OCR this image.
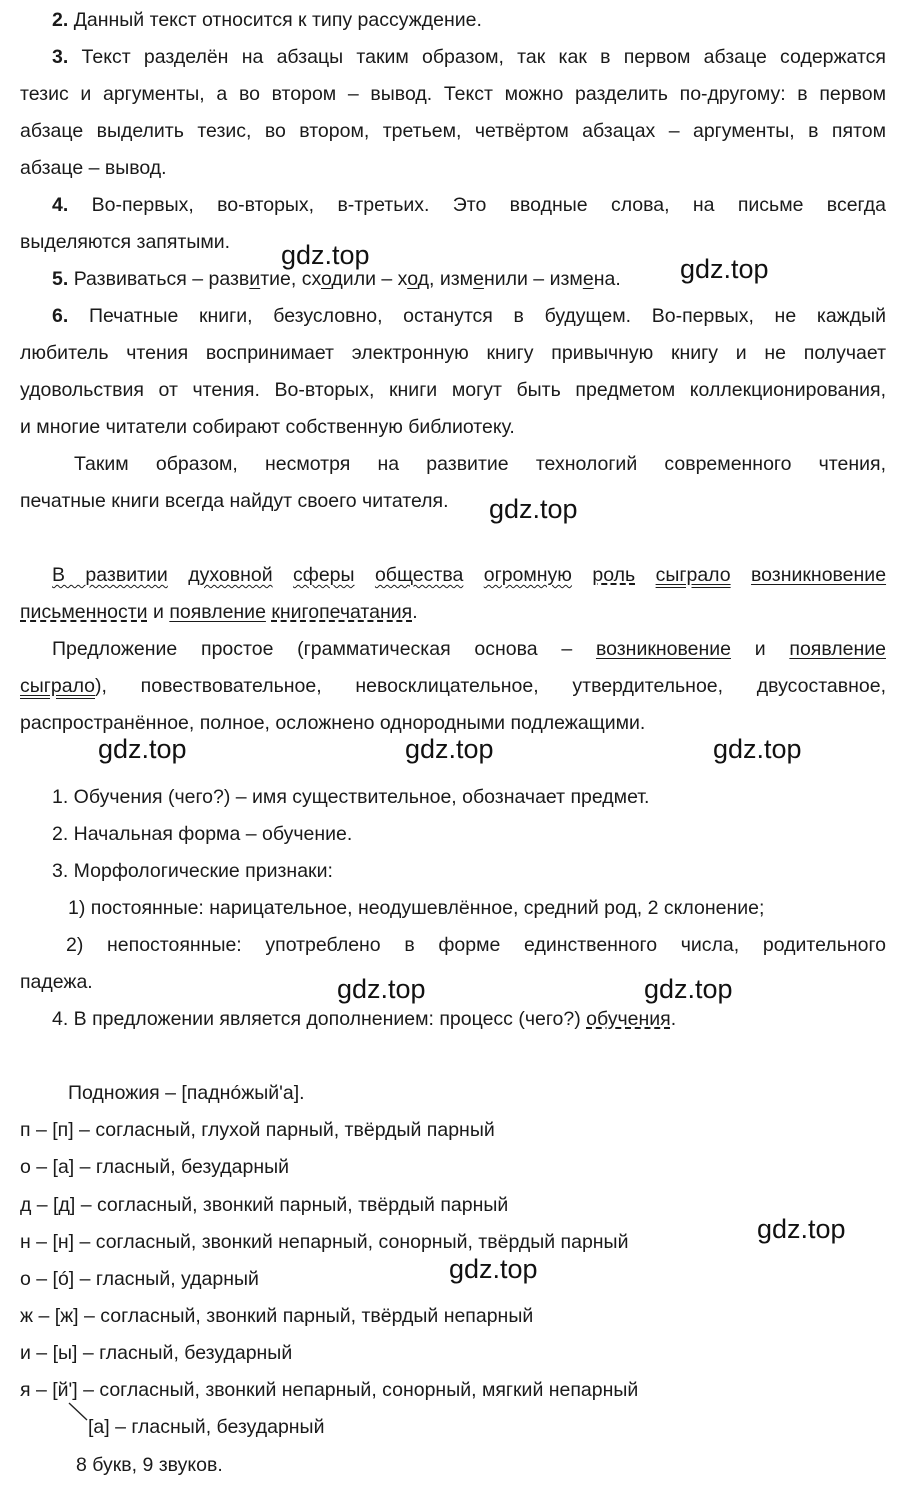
2. Данный текст относится к типу рассуждение.
3. Текст разделён на абзацы таким образом, так как в первом абзаце содержатся
тезис и аргументы, а во втором – вывод. Текст можно разделить по-другому: в первом
абзаце выделить тезис, во втором, третьем, четвёртом абзацах – аргументы, в пятом
абзаце – вывод.
4. Во-первых, во-вторых, в-третьих. Это вводные слова, на письме всегда
выделяются запятыми.
5. Развиваться – развитие, сходили – ход, изменили – измена.
6. Печатные книги, безусловно, останутся в будущем. Во-первых, не каждый
любитель чтения воспринимает электронную книгу привычную книгу и не получает
удовольствия от чтения. Во-вторых, книги могут быть предметом коллекционирования,
и многие читатели собирают собственную библиотеку.
Таким образом, несмотря на развитие технологий современного чтения,
печатные книги всегда найдут своего читателя.
В развитии духовной сферы общества огромную роль сыграло возникновение
письменности и появление книгопечатания.
Предложение простое (грамматическая основа – возникновение и появление
сыграло), повествовательное, невосклицательное, утвердительное, двусоставное,
распространённое, полное, осложнено однородными подлежащими.
1. Обучения (чего?) – имя существительное, обозначает предмет.
2. Начальная форма – обучение.
3. Морфологические признаки:
1) постоянные: нарицательное, неодушевлённое, средний род, 2 склонение;
2) непостоянные: употреблено в форме единственного числа, родительного
падежа.
4. В предложении является дополнением: процесс (чего?) обучения.
Подножия – [паднóжый'а].
п – [п] – согласный, глухой парный, твёрдый парный
о – [а] – гласный, безударный
д – [д] – согласный, звонкий парный, твёрдый парный
н – [н] – согласный, звонкий непарный, сонорный, твёрдый парный
о – [ó] – гласный, ударный
ж – [ж] – согласный, звонкий парный, твёрдый непарный
и – [ы] – гласный, безударный
я – [й'] – согласный, звонкий непарный, сонорный, мягкий непарный
[а] – гласный, безударный
8 букв, 9 звуков.
gdz.top	gdz.top
gdz.top
gdz.top	gdz.top	gdz.top
gdz.top	gdz.top
gdz.top
gdz.top
